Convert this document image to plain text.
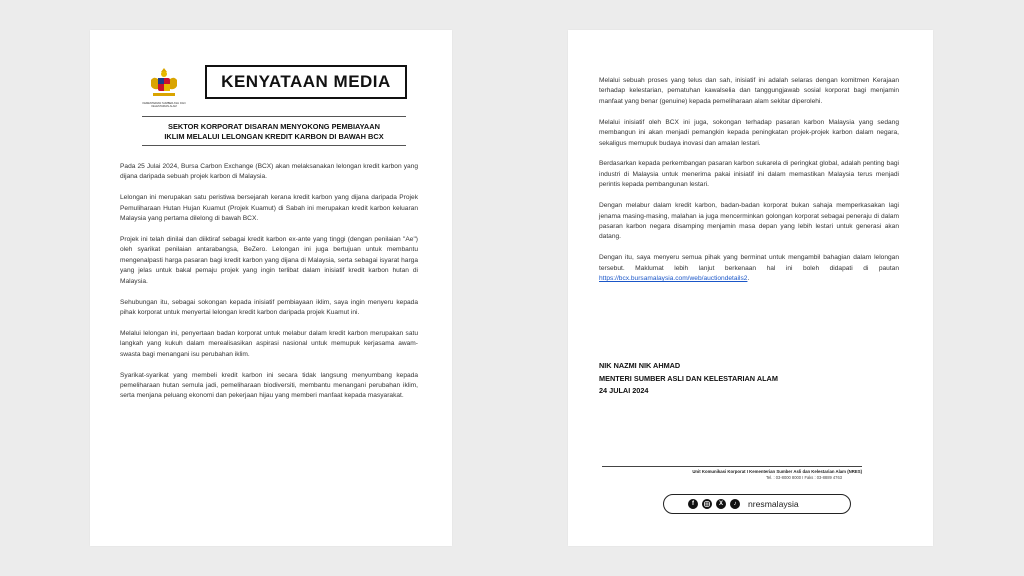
KEMENTERIAN SUMBER ASLI DAN KELESTARIAN ALAM
KENYATAAN MEDIA
SEKTOR KORPORAT DISARAN MENYOKONG PEMBIAYAAN
IKLIM MELALUI LELONGAN KREDIT KARBON DI BAWAH BCX

Pada 25 Julai 2024, Bursa Carbon Exchange (BCX) akan melaksanakan lelongan kredit karbon yang dijana daripada sebuah projek karbon di Malaysia.

Lelongan ini merupakan satu peristiwa bersejarah kerana kredit karbon yang dijana daripada Projek Pemuliharaan Hutan Hujan Kuamut (Projek Kuamut) di Sabah ini merupakan kredit karbon keluaran Malaysia yang pertama dilelong di bawah BCX.

Projek ini telah dinilai dan diiktiraf sebagai kredit karbon ex-ante yang tinggi (dengan penilaian "Ae") oleh syarikat penilaian antarabangsa, BeZero. Lelongan ini juga bertujuan untuk membantu mengenalpasti harga pasaran bagi kredit karbon yang dijana di Malaysia, serta sebagai isyarat harga yang jelas untuk bakal pemaju projek yang ingin terlibat dalam inisiatif kredit karbon hutan di Malaysia.

Sehubungan itu, sebagai sokongan kepada inisiatif pembiayaan iklim, saya ingin menyeru kepada pihak korporat untuk menyertai lelongan kredit karbon daripada projek Kuamut ini.

Melalui lelongan ini, penyertaan badan korporat untuk melabur dalam kredit karbon merupakan satu langkah yang kukuh dalam merealisasikan aspirasi nasional untuk memupuk kerjasama awam-swasta bagi menangani isu perubahan iklim.

Syarikat-syarikat yang membeli kredit karbon ini secara tidak langsung menyumbang kepada pemeliharaan hutan semula jadi, pemeliharaan biodiversiti, membantu menangani perubahan iklim, serta menjana peluang ekonomi dan pekerjaan hijau yang memberi manfaat kepada masyarakat.

Melalui sebuah proses yang telus dan sah, inisiatif ini adalah selaras dengan komitmen Kerajaan terhadap kelestarian, pematuhan kawalselia dan tanggungjawab sosial korporat bagi menjamin manfaat yang benar (genuine) kepada pemeliharaan alam sekitar diperolehi.

Melalui inisiatif oleh BCX ini juga, sokongan terhadap pasaran karbon Malaysia yang sedang membangun ini akan menjadi pemangkin kepada peningkatan projek-projek karbon dalam negara, sekaligus memupuk budaya inovasi dan amalan lestari.

Berdasarkan kepada perkembangan pasaran karbon sukarela di peringkat global, adalah penting bagi industri di Malaysia untuk menerima pakai inisiatif ini dalam memastikan Malaysia terus menjadi perintis kepada pembangunan lestari.

Dengan melabur dalam kredit karbon, badan-badan korporat bukan sahaja memperkasakan lagi jenama masing-masing, malahan ia juga mencerminkan golongan korporat sebagai peneraju di dalam pasaran karbon negara disamping menjamin masa depan yang lebih lestari untuk generasi akan datang.

Dengan itu, saya menyeru semua pihak yang berminat untuk mengambil bahagian dalam lelongan tersebut. Maklumat lebih lanjut berkenaan hal ini boleh didapati di pautan https://bcx.bursamalaysia.com/web/auctiondetails2.

NIK NAZMI NIK AHMAD
MENTERI SUMBER ASLI DAN KELESTARIAN ALAM
24 JULAI 2024
Unit Komunikasi Korporat I Kementerian Sumber Asli dan Kelestarian Alam (NRES)
Tel. : 03-8000 8000 I Faks : 03-8889 4763
f	X	♪	nresmalaysia
